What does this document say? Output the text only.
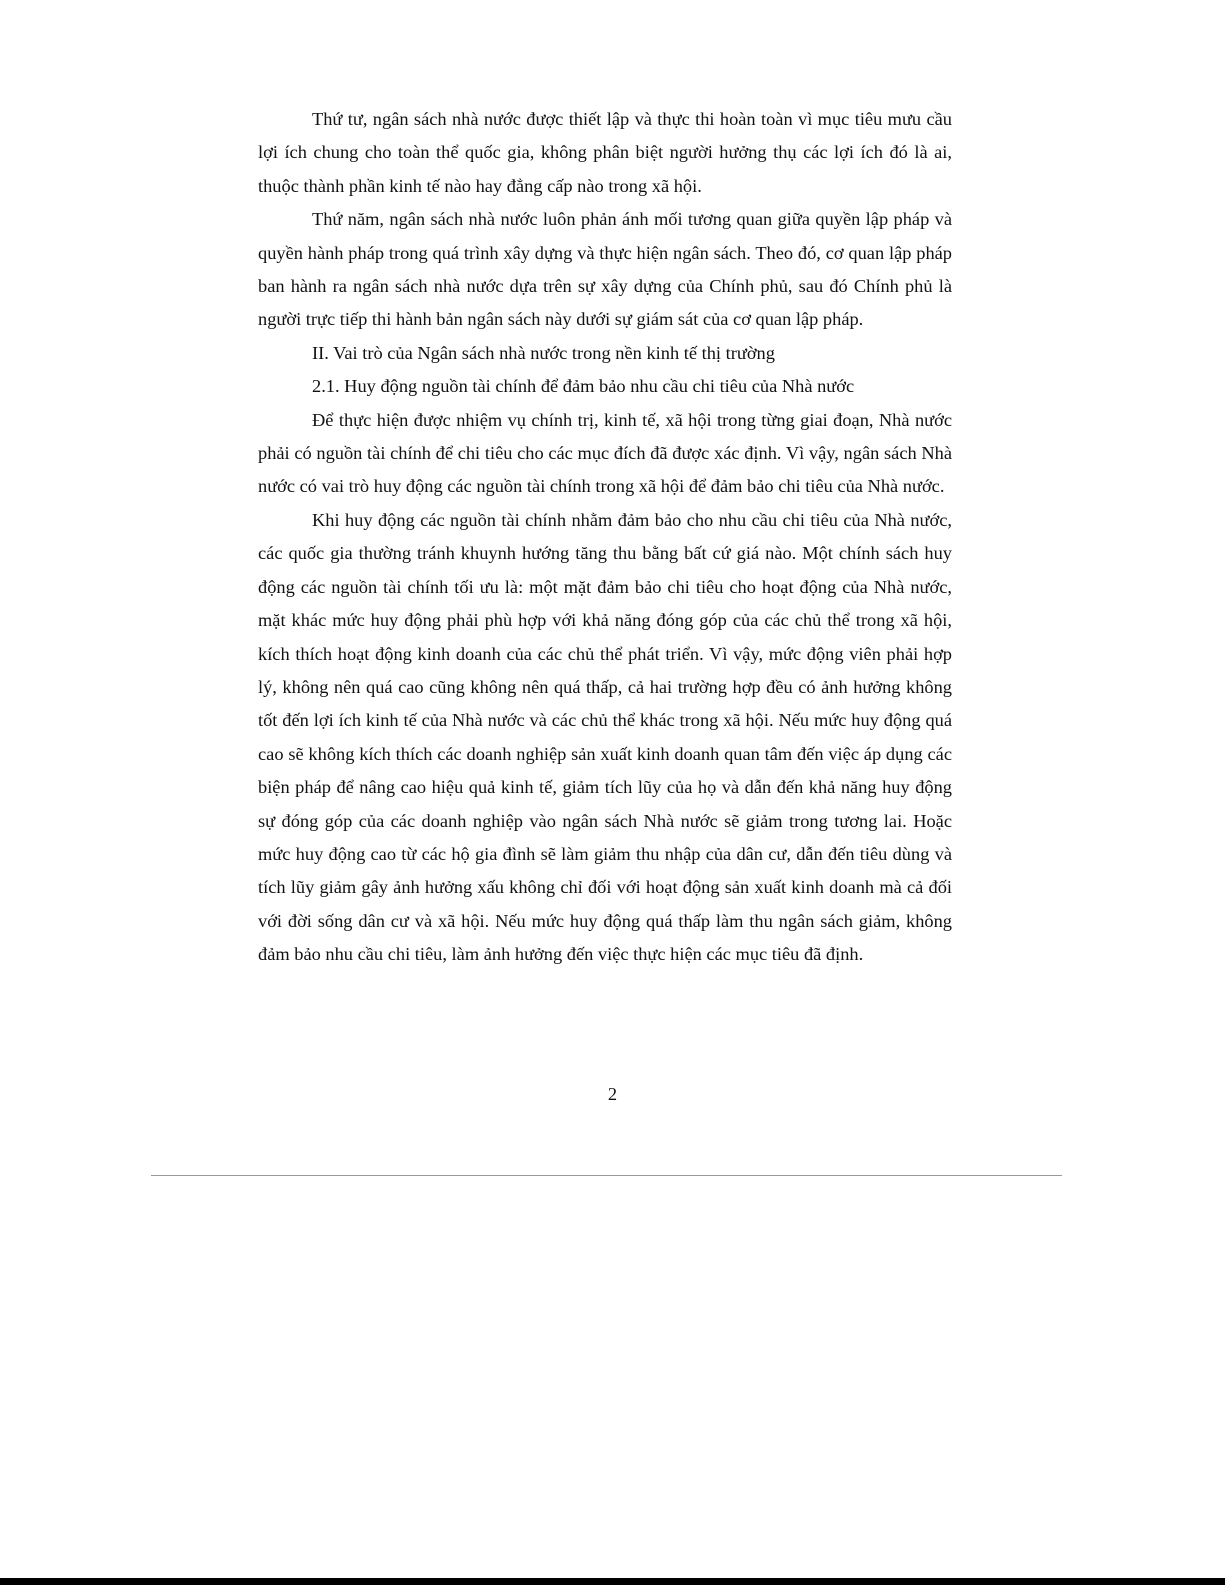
Thứ tư, ngân sách nhà nước được thiết lập và thực thi hoàn toàn vì mục tiêu mưu cầu lợi ích chung cho toàn thể quốc gia, không phân biệt người hưởng thụ các lợi ích đó là ai, thuộc thành phần kinh tế nào hay đẳng cấp nào trong xã hội.

Thứ năm, ngân sách nhà nước luôn phản ánh mối tương quan giữa quyền lập pháp và quyền hành pháp trong quá trình xây dựng và thực hiện ngân sách. Theo đó, cơ quan lập pháp ban hành ra ngân sách nhà nước dựa trên sự xây dựng của Chính phủ, sau đó Chính phủ là người trực tiếp thi hành bản ngân sách này dưới sự giám sát của cơ quan lập pháp.

II. Vai trò của Ngân sách nhà nước trong nền kinh tế thị trường

2.1. Huy động nguồn tài chính để đảm bảo nhu cầu chi tiêu của Nhà nước

Để thực hiện được nhiệm vụ chính trị, kinh tế, xã hội trong từng giai đoạn, Nhà nước phải có nguồn tài chính để chi tiêu cho các mục đích đã được xác định. Vì vậy, ngân sách Nhà nước có vai trò huy động các nguồn tài chính trong xã hội để đảm bảo chi tiêu của Nhà nước.

Khi huy động các nguồn tài chính nhằm đảm bảo cho nhu cầu chi tiêu của Nhà nước, các quốc gia thường tránh khuynh hướng tăng thu bằng bất cứ giá nào. Một chính sách huy động các nguồn tài chính tối ưu là: một mặt đảm bảo chi tiêu cho hoạt động của Nhà nước, mặt khác mức huy động phải phù hợp với khả năng đóng góp của các chủ thể trong xã hội, kích thích hoạt động kinh doanh của các chủ thể phát triển. Vì vậy, mức động viên phải hợp lý, không nên quá cao cũng không nên quá thấp, cả hai trường hợp đều có ảnh hưởng không tốt đến lợi ích kinh tế của Nhà nước và các chủ thể khác trong xã hội. Nếu mức huy động quá cao sẽ không kích thích các doanh nghiệp sản xuất kinh doanh quan tâm đến việc áp dụng các biện pháp để nâng cao hiệu quả kinh tế, giảm tích lũy của họ và dẫn đến khả năng huy động sự đóng góp của các doanh nghiệp vào ngân sách Nhà nước sẽ giảm trong tương lai. Hoặc mức huy động cao từ các hộ gia đình sẽ làm giảm thu nhập của dân cư, dẫn đến tiêu dùng và tích lũy giảm gây ảnh hưởng xấu không chỉ đối với hoạt động sản xuất kinh doanh mà cả đối với đời sống dân cư và xã hội. Nếu mức huy động quá thấp làm thu ngân sách giảm, không đảm bảo nhu cầu chi tiêu, làm ảnh hưởng đến việc thực hiện các mục tiêu đã định.

2
